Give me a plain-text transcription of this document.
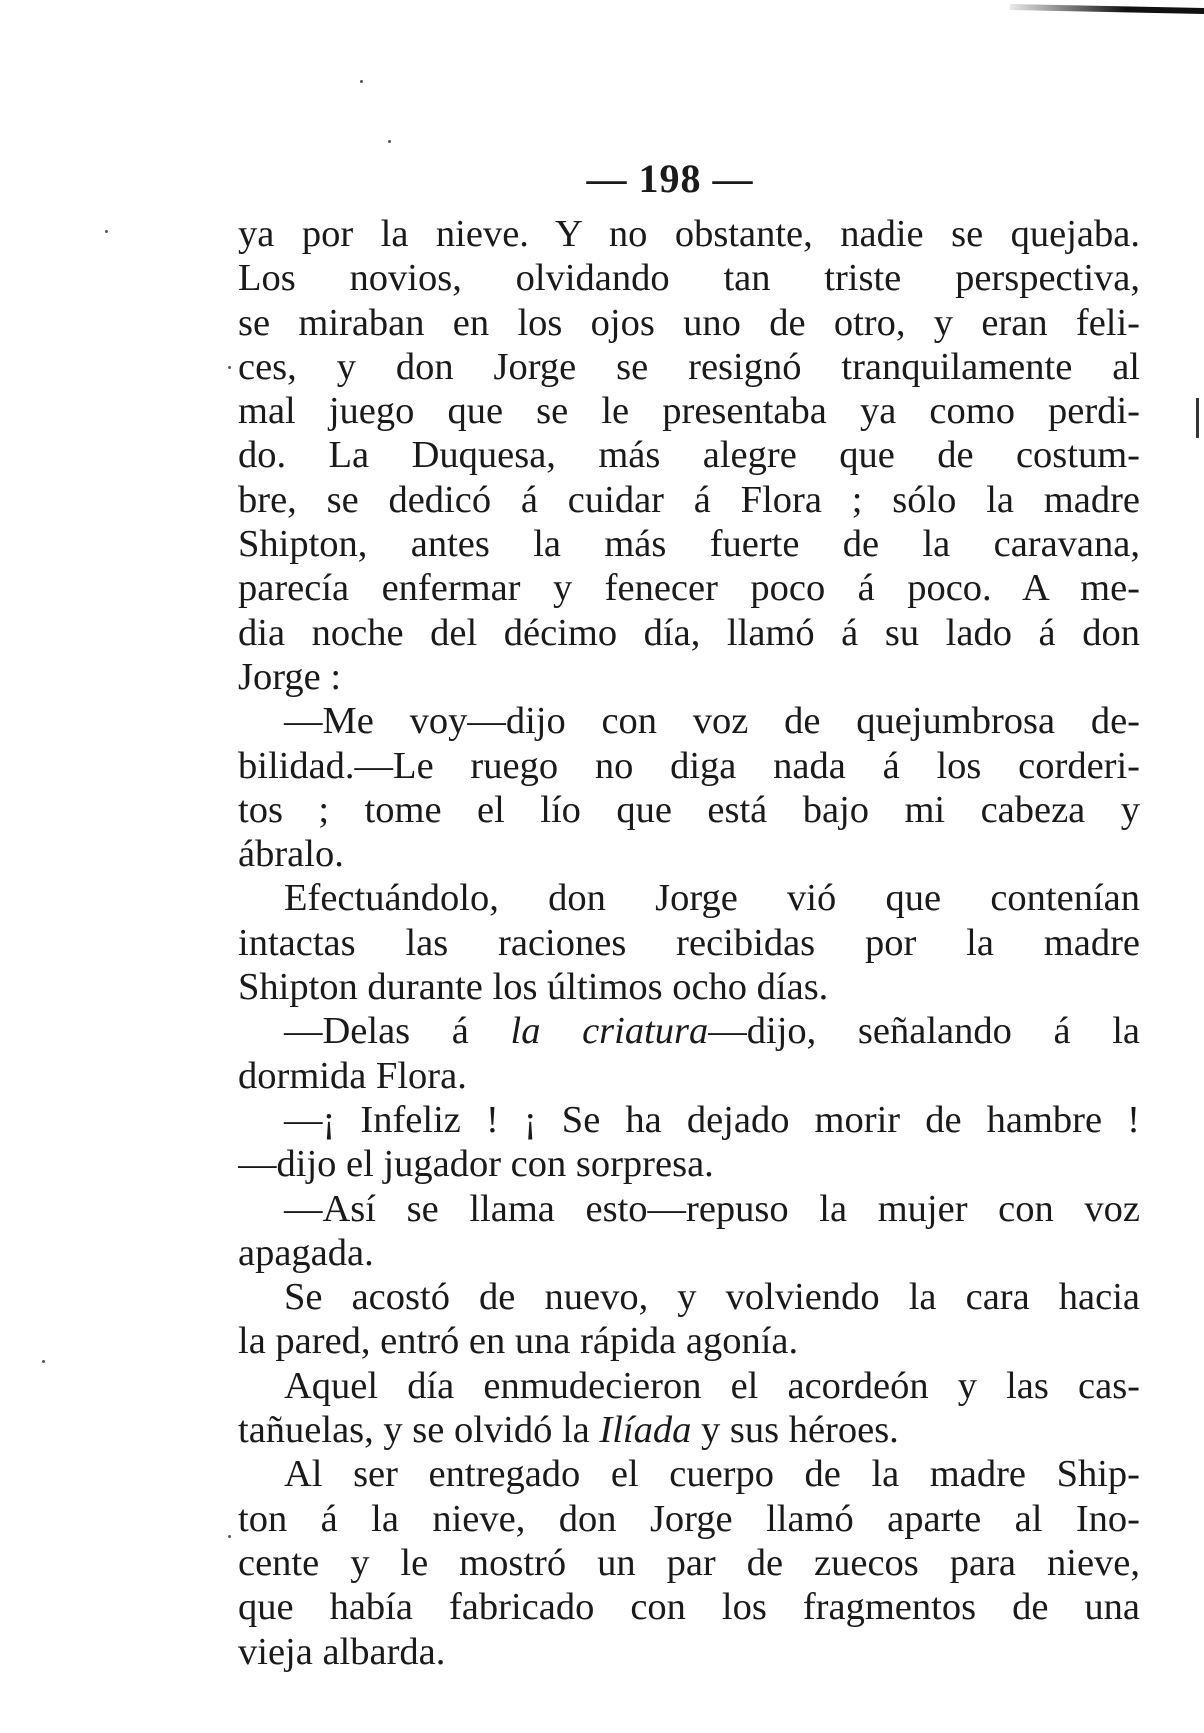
— 198 —
ya por la nieve. Y no obstante, nadie se quejaba.
Los novios, olvidando tan triste perspectiva,
se miraban en los ojos uno de otro, y eran feli-
ces, y don Jorge se resignó tranquilamente al
mal juego que se le presentaba ya como perdi-
do. La Duquesa, más alegre que de costum-
bre, se dedicó á cuidar á Flora ; sólo la madre
Shipton, antes la más fuerte de la caravana,
parecía enfermar y fenecer poco á poco. A me-
dia noche del décimo día, llamó á su lado á don
Jorge :
—Me voy—dijo con voz de quejumbrosa de-
bilidad.—Le ruego no diga nada á los corderi-
tos ; tome el lío que está bajo mi cabeza y
ábralo.
Efectuándolo, don Jorge vió que contenían
intactas las raciones recibidas por la madre
Shipton durante los últimos ocho días.
—Delas á la criatura—dijo, señalando á la
dormida Flora.
—¡ Infeliz ! ¡ Se ha dejado morir de hambre !
—dijo el jugador con sorpresa.
—Así se llama esto—repuso la mujer con voz
apagada.
Se acostó de nuevo, y volviendo la cara hacia
la pared, entró en una rápida agonía.
Aquel día enmudecieron el acordeón y las cas-
tañuelas, y se olvidó la Ilíada y sus héroes.
Al ser entregado el cuerpo de la madre Ship-
ton á la nieve, don Jorge llamó aparte al Ino-
cente y le mostró un par de zuecos para nieve,
que había fabricado con los fragmentos de una
vieja albarda.
